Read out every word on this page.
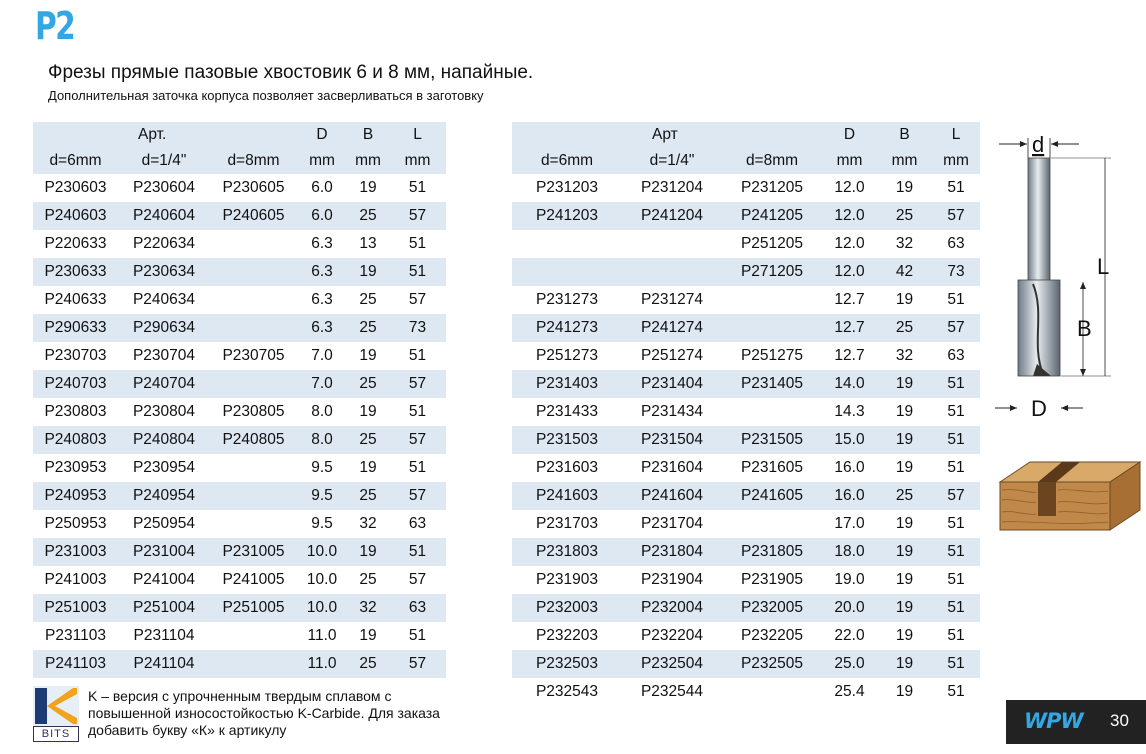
P2
Фрезы прямые пазовые хвостовик 6 и 8 мм, напайные.
Дополнительная заточка корпуса позволяет засверливаться в заготовку
	Арт.		D	B	L
d=6mm	d=1/4"	d=8mm	mm	mm	mm
P230603	P230604	P230605	6.0	19	51
P240603	P240604	P240605	6.0	25	57
P220633	P220634		6.3	13	51
P230633	P230634		6.3	19	51
P240633	P240634		6.3	25	57
P290633	P290634		6.3	25	73
P230703	P230704	P230705	7.0	19	51
P240703	P240704		7.0	25	57
P230803	P230804	P230805	8.0	19	51
P240803	P240804	P240805	8.0	25	57
P230953	P230954		9.5	19	51
P240953	P240954		9.5	25	57
P250953	P250954		9.5	32	63
P231003	P231004	P231005	10.0	19	51
P241003	P241004	P241005	10.0	25	57
P251003	P251004	P251005	10.0	32	63
P231103	P231104		11.0	19	51
P241103	P241104		11.0	25	57
	Арт		D	B	L
d=6mm	d=1/4"	d=8mm	mm	mm	mm
P231203	P231204	P231205	12.0	19	51
P241203	P241204	P241205	12.0	25	57
		P251205	12.0	32	63
		P271205	12.0	42	73
P231273	P231274		12.7	19	51
P241273	P241274		12.7	25	57
P251273	P251274	P251275	12.7	32	63
P231403	P231404	P231405	14.0	19	51
P231433	P231434		14.3	19	51
P231503	P231504	P231505	15.0	19	51
P231603	P231604	P231605	16.0	19	51
P241603	P241604	P241605	16.0	25	57
P231703	P231704		17.0	19	51
P231803	P231804	P231805	18.0	19	51
P231903	P231904	P231905	19.0	19	51
P232003	P232004	P232005	20.0	19	51
P232203	P232204	P232205	22.0	19	51
P232503	P232504	P232505	25.0	19	51
P232543	P232544		25.4	19	51
d
L
B
D
BITS
K – версия с упрочненным твердым сплавом с
повышенной износостойкостью K-Carbide. Для заказа
добавить букву «К» к артикулу	WPW 30
